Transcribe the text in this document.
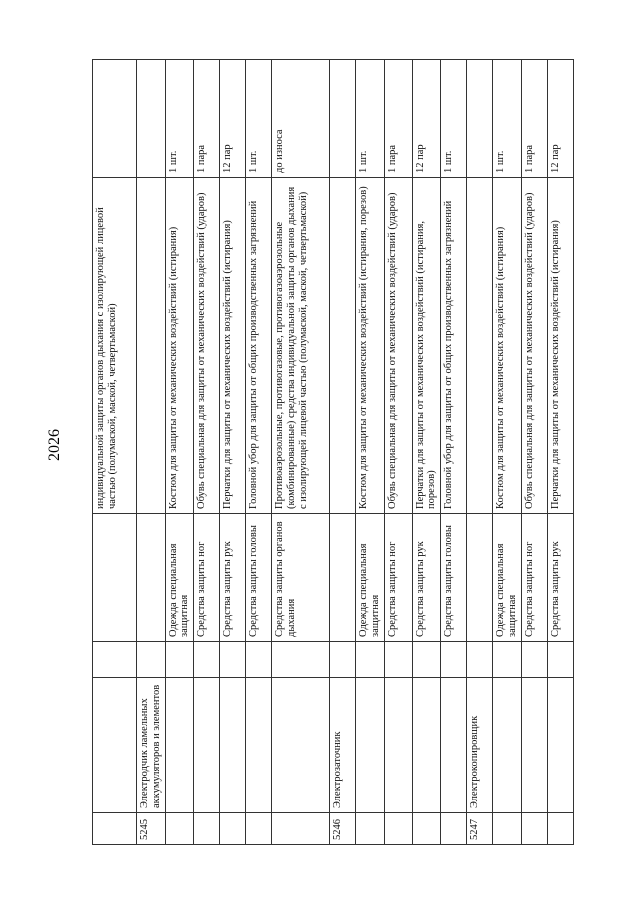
2026
					индивидуальной защиты органов дыхания с изолирующей лицевой частью (полумаской, маской, четвертьмаской)	
5245	Электродчик ламельных аккумуляторов и элементов				
			Одежда специальная защитная	Костюм для защиты от механических воздействий (истирания)	1 шт.
			Средства защиты ног	Обувь специальная для защиты от механических воздействий (ударов)	1 пара
			Средства защиты рук	Перчатки для защиты от механических воздействий (истирания)	12 пар
			Средства защиты головы	Головной убор для защиты от общих производственных загрязнений	1 шт.
			Средства защиты органов дыхания	Противоаэрозольные, противогазовые, противогазоаэрозольные (комбинированные) средства индивидуальной защиты органов дыхания с изолирующей лицевой частью (полумаской, маской, четвертьмаской)	до износа
5246	Электрозаточник				
			Одежда специальная защитная	Костюм для защиты от механических воздействий (истирания, порезов)	1 шт.
			Средства защиты ног	Обувь специальная для защиты от механических воздействий (ударов)	1 пара
			Средства защиты рук	Перчатки для защиты от механических воздействий (истирания, порезов)	12 пар
			Средства защиты головы	Головной убор для защиты от общих производственных загрязнений	1 шт.
5247	Электрокопировщик				
			Одежда специальная защитная	Костюм для защиты от механических воздействий (истирания)	1 шт.
			Средства защиты ног	Обувь специальная для защиты от механических воздействий (ударов)	1 пара
			Средства защиты рук	Перчатки для защиты от механических воздействий (истирания)	12 пар
